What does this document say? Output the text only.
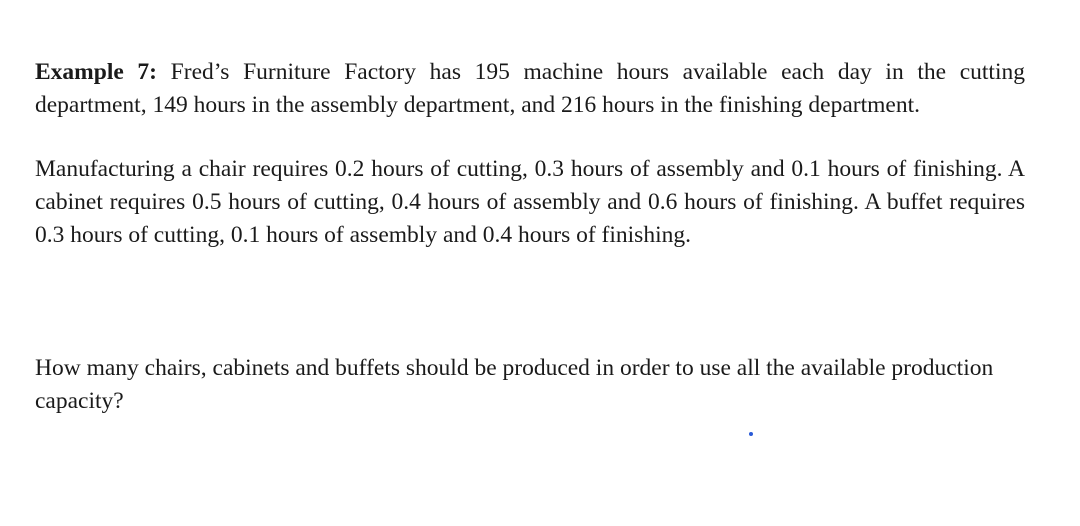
Example 7: Fred’s Furniture Factory has 195 machine hours available each day in the cutting department, 149 hours in the assembly department, and 216 hours in the finishing department.

Manufacturing a chair requires 0.2 hours of cutting, 0.3 hours of assembly and 0.1 hours of finishing. A cabinet requires 0.5 hours of cutting, 0.4 hours of assembly and 0.6 hours of finishing. A buffet requires 0.3 hours of cutting, 0.1 hours of assembly and 0.4 hours of finishing.

How many chairs, cabinets and buffets should be produced in order to use all the available production capacity?
